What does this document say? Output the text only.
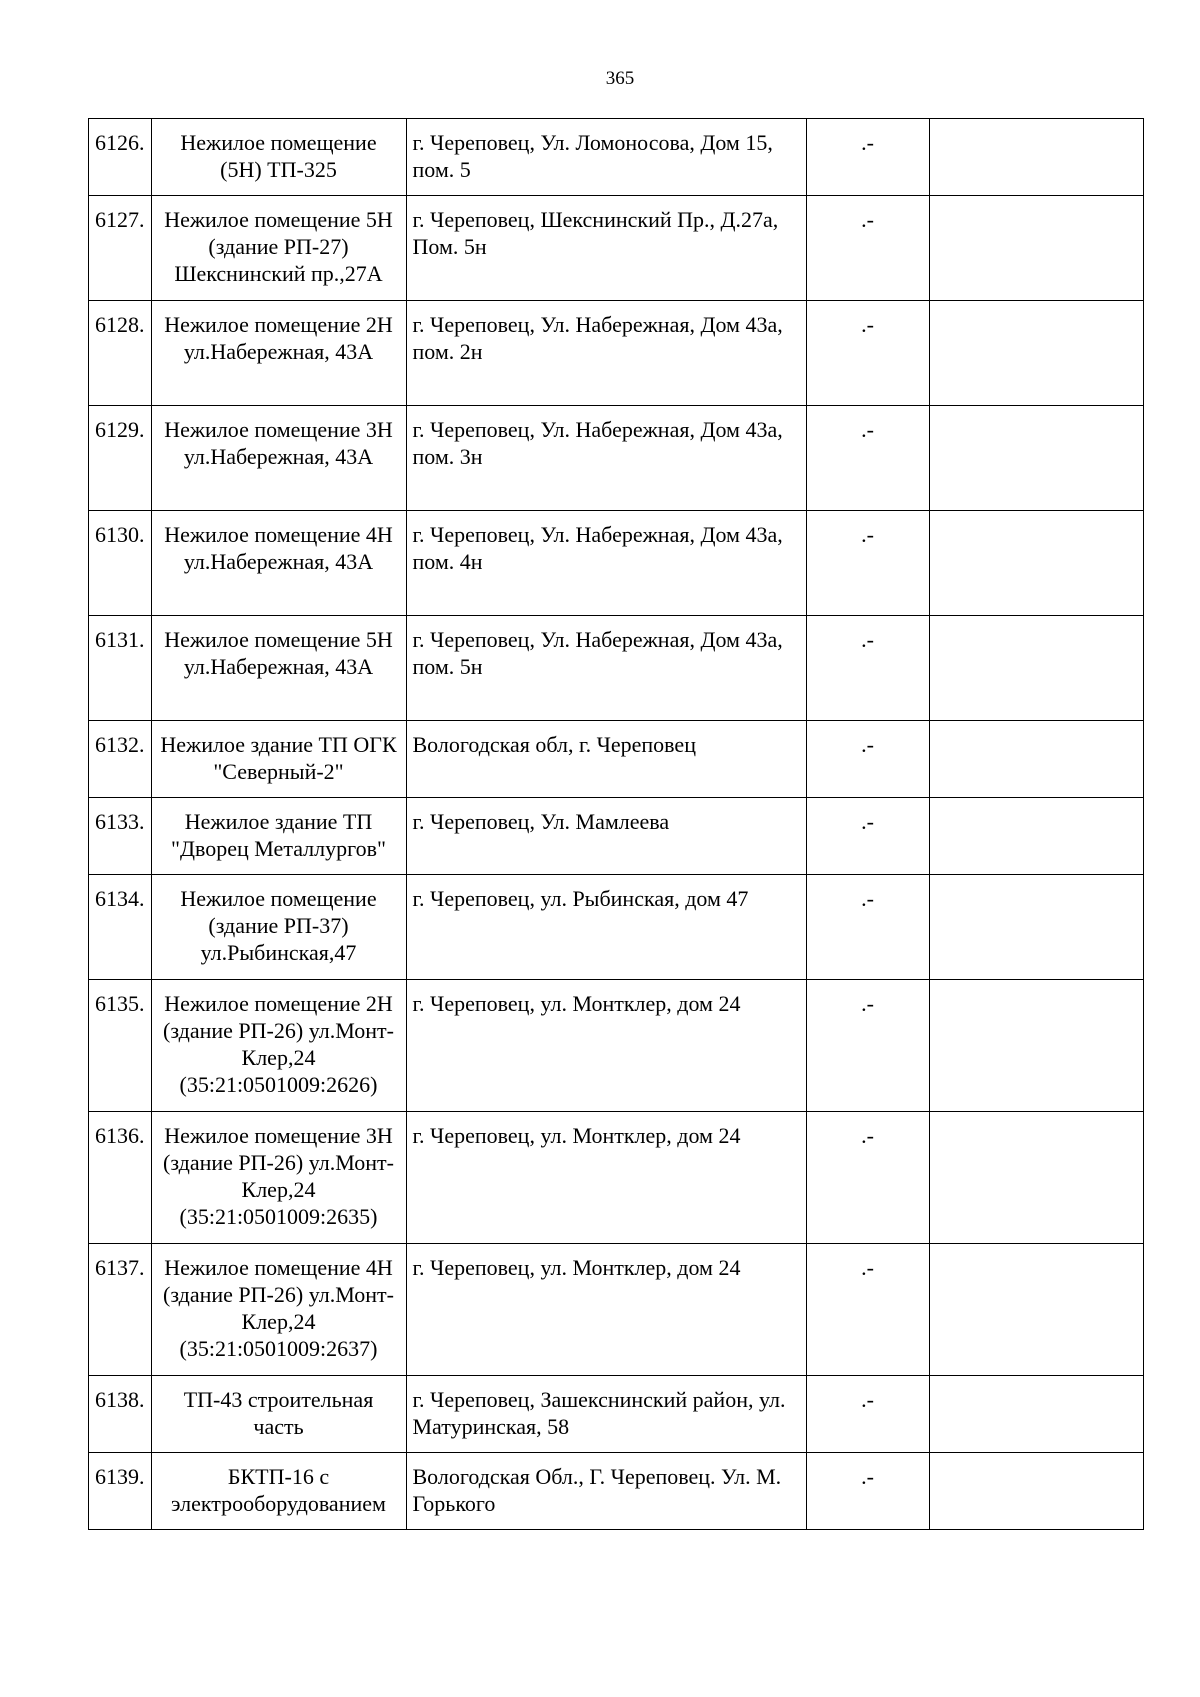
365
6126.	Нежилое помещение (5Н) ТП-325	г. Череповец, Ул. Ломоносова, Дом 15, пом. 5	.-	
6127.	Нежилое помещение 5Н (здание РП-27) Шекснинский пр.,27А	г. Череповец, Шекснинский Пр., Д.27а, Пом. 5н	.-	
6128.	Нежилое помещение 2Н ул.Набережная, 43А	г. Череповец, Ул. Набережная, Дом 43а, пом. 2н	.-	
6129.	Нежилое помещение 3Н ул.Набережная, 43А	г. Череповец, Ул. Набережная, Дом 43а, пом. 3н	.-	
6130.	Нежилое помещение 4Н ул.Набережная, 43А	г. Череповец, Ул. Набережная, Дом 43а, пом. 4н	.-	
6131.	Нежилое помещение 5Н ул.Набережная, 43А	г. Череповец, Ул. Набережная, Дом 43а, пом. 5н	.-	
6132.	Нежилое здание ТП ОГК "Северный-2"	Вологодская обл, г. Череповец	.-	
6133.	Нежилое здание ТП "Дворец Металлургов"	г. Череповец, Ул. Мамлеева	.-	
6134.	Нежилое помещение (здание РП-37) ул.Рыбинская,47	г. Череповец, ул. Рыбинская, дом 47	.-	
6135.	Нежилое помещение 2Н (здание РП-26) ул.Монт-Клер,24 (35:21:0501009:2626)	г. Череповец, ул. Монтклер, дом 24	.-	
6136.	Нежилое помещение 3Н (здание РП-26) ул.Монт-Клер,24 (35:21:0501009:2635)	г. Череповец, ул. Монтклер, дом 24	.-	
6137.	Нежилое помещение 4Н (здание РП-26) ул.Монт-Клер,24 (35:21:0501009:2637)	г. Череповец, ул. Монтклер, дом 24	.-	
6138.	ТП-43 строительная часть	г. Череповец, Зашекснинский район, ул. Матуринская, 58	.-	
6139.	БКТП-16 с электрооборудованием	Вологодская Обл., Г. Череповец. Ул. М. Горького	.-	
